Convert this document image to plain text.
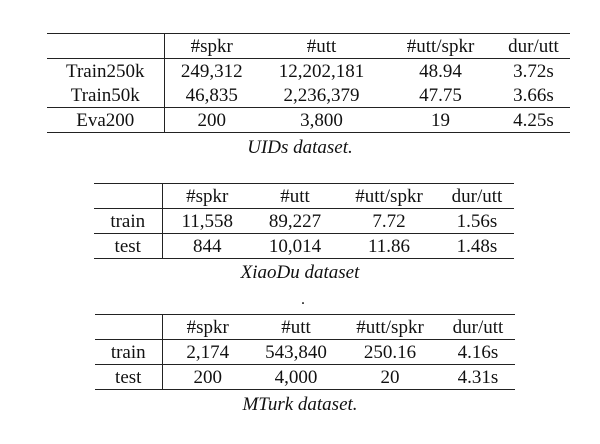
	#spkr	#utt	#utt/spkr	dur/utt
Train250k	249,312	12,202,181	48.94	3.72s
Train50k	46,835	2,236,379	47.75	3.66s
Eva200	200	3,800	19	4.25s
UIDs dataset.
	#spkr	#utt	#utt/spkr	dur/utt
train	11,558	89,227	7.72	1.56s
test	844	10,014	11.86	1.48s
XiaoDu dataset
.
	#spkr	#utt	#utt/spkr	dur/utt
train	2,174	543,840	250.16	4.16s
test	200	4,000	20	4.31s
MTurk dataset.
